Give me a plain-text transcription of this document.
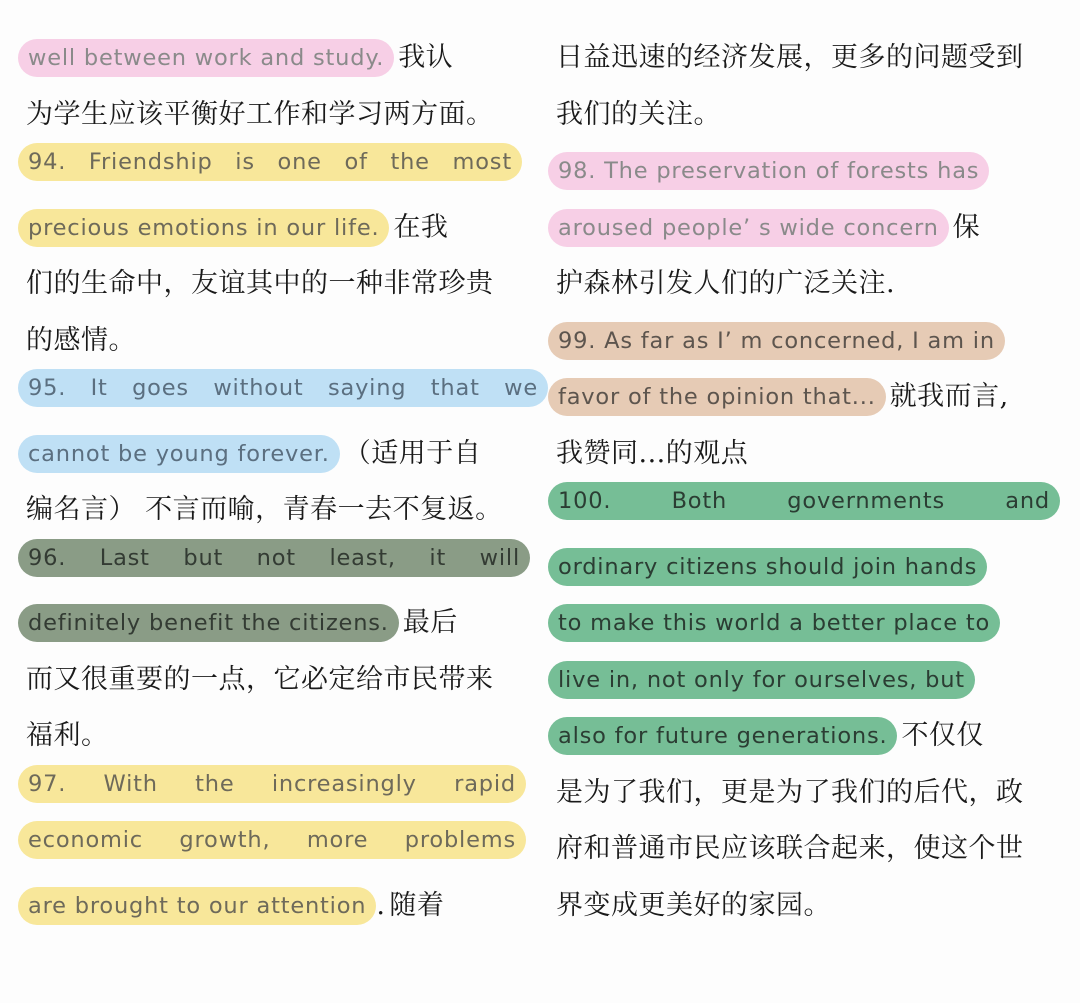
well between work and study. 我认
为学生应该平衡好工作和学习两方面。
94. Friendship is one of the most
precious emotions in our life. 在我
们的生命中，友谊其中的一种非常珍贵
的感情。
95. It goes without saying that we
cannot be young forever. （适用于自
编名言） 不言而喻，青春一去不复返。
96. Last but not least, it will
definitely benefit the citizens. 最后
而又很重要的一点，它必定给市民带来
福利。
97. With the increasingly rapid
economic growth, more problems
are brought to our attention . 随着
日益迅速的经济发展，更多的问题受到
我们的关注。
98. The preservation of forests has
aroused people’ s wide concern 保
护森林引发人们的广泛关注.
99. As far as I’ m concerned, I am in
favor of the opinion that... 就我而言,
我赞同...的观点
100.	Both	governments	and
ordinary citizens should join hands
to make this world a better place to
live in, not only for ourselves, but
also for future generations. 不仅仅
是为了我们，更是为了我们的后代，政
府和普通市民应该联合起来，使这个世
界变成更美好的家园。
